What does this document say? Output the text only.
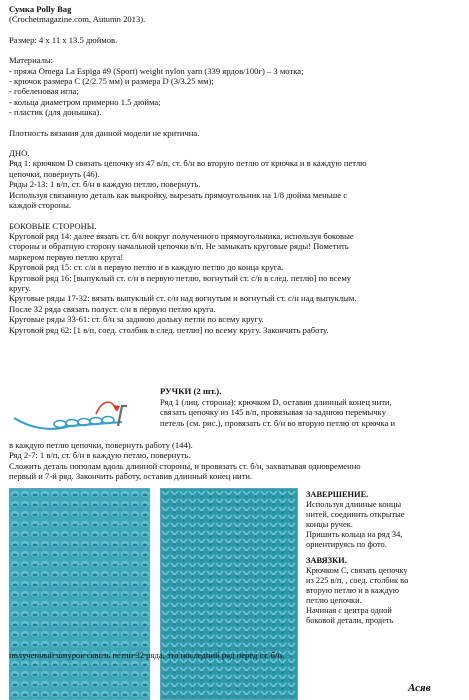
Сумка Polly Bag
(Crochetmagazine.com, Autumn 2013).
Размер: 4 x 11 x 13.5 дюймов.
Материалы:
- пряжа Omega La Espiga #9 (Sport) weight nylon yarn (339 ярдов/100г) – 3 мотка;
- крючок размера C (2/2.75 мм) и размера D (3/3.25 мм);
- гобеленовая игла;
- кольца диаметром примерно 1.5 дюйма;
- пластик (для донышка).
Плотность вязания для данной модели не критична.
ДНО.
Ряд 1: крючком D связать цепочку из 47 в/п, ст. б/н во вторую петлю от крючка и в каждую петлю
цепочки, повернуть (46).
Ряды 2-13: 1 в/п, ст. б/н в каждую петлю, повернуть.
Используя связанную деталь как выкройку, вырезать прямоугольник на 1/8 дюйма меньше с
каждой стороны.
БОКОВЫЕ СТОРОНЫ.
Круговой ряд 14: далее вязать ст. б/н вокруг полученного прямоугольника, используя боковые
стороны и обратную сторону начальной цепочки в/п. Не замыкать круговые ряды! Пометить
маркером первую петлю круга!
Круговой ряд 15: ст. с/н в первую петлю и в каждую петлю до конца круга.
Круговой ряд 16: [выпуклый ст. с/н в первую петлю, вогнутый ст. с/н в след. петлю] по всему
кругу.
Круговые ряды 17-32: вязать выпуклый ст. с/н над вогнутым и вогнутый ст. с/н над выпуклым.
После 32 ряда связать полуст. с/н в первую петлю круга.
Круговые ряды 33-61: ст. б/н за заднюю дольку петли по всему кругу.
Круговой ряд 62: [1 в/п, соед. столбик в след. петлю] по всему кругу. Закончить работу.
РУЧКИ (2 шт.).
Ряд 1 (лиц. сторона): крючком D, оставив длинный конец нити,
связать цепочку из 145 в/п, провязывая за заднюю перемычку
петель (см. рис.), провязать ст. б/н во вторую петлю от крючка и
в каждую петлю цепочки, повернуть работу (144).
Ряд 2-7: 1 в/п, ст. б/н в каждую петлю, повернуть.
Сложить деталь пополам вдоль длинной стороны, и провязать ст. б/н, захватывая одновременно
первый и 7-й ряд. Закончить работу, оставив длинный конец нити.
ЗАВЕРШЕНИЕ.
Используя длинные концы
нитей, соединить открытые
концы ручек.
Пришить кольца на ряд 34,
ориентируясь по фото.
ЗАВЯЗКИ.
Крючком C, связать цепочку
из 225 в/п, , соед. столбик во
вторую петлю и в каждую
петлю цепочки.
Начиная с центра одной
боковой детали, продеть
полученный шнурок сквозь петли 32 ряда, это последний ряд перед ст. б/н.
Асяв
